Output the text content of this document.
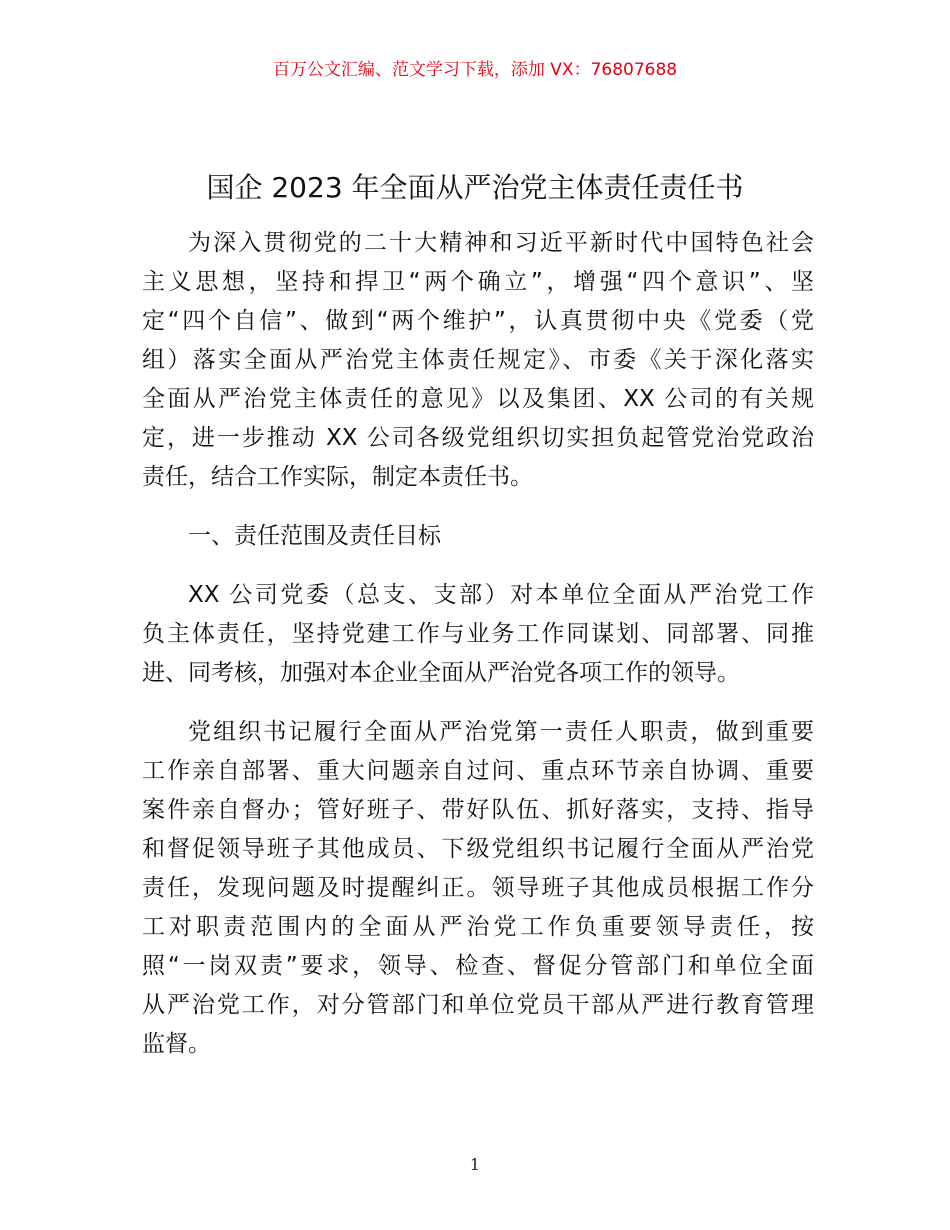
百万公文汇编、范文学习下载，添加 VX：76807688
国企 2023 年全面从严治党主体责任责任书
为深入贯彻党的二十大精神和习近平新时代中国特色社会
主义思想，坚持和捍卫“两个确立”，增强“四个意识”、坚
定“四个自信”、做到“两个维护”，认真贯彻中央《党委（党
组）落实全面从严治党主体责任规定》、市委《关于深化落实
全面从严治党主体责任的意见》以及集团、XX 公司的有关规
定，进一步推动 XX 公司各级党组织切实担负起管党治党政治
责任，结合工作实际，制定本责任书。
一、责任范围及责任目标
XX 公司党委（总支、支部）对本单位全面从严治党工作
负主体责任，坚持党建工作与业务工作同谋划、同部署、同推
进、同考核，加强对本企业全面从严治党各项工作的领导。
党组织书记履行全面从严治党第一责任人职责，做到重要
工作亲自部署、重大问题亲自过问、重点环节亲自协调、重要
案件亲自督办；管好班子、带好队伍、抓好落实，支持、指导
和督促领导班子其他成员、下级党组织书记履行全面从严治党
责任，发现问题及时提醒纠正。领导班子其他成员根据工作分
工对职责范围内的全面从严治党工作负重要领导责任，按
照“一岗双责”要求，领导、检查、督促分管部门和单位全面
从严治党工作，对分管部门和单位党员干部从严进行教育管理
监督。
1
